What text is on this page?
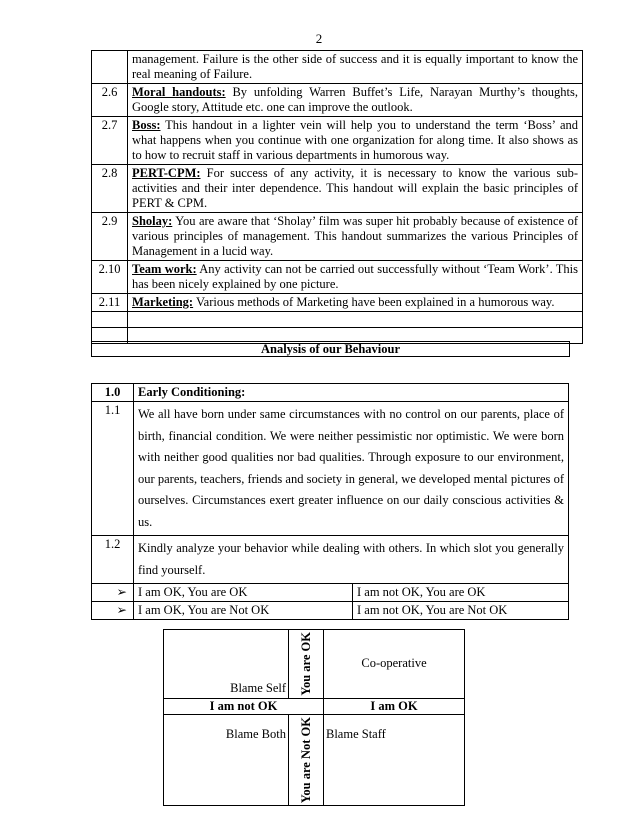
2
	management. Failure is the other side of success and it is equally important to know the real meaning of Failure.
2.6	Moral handouts: By unfolding Warren Buffet’s Life, Narayan Murthy’s thoughts, Google story, Attitude etc. one can improve the outlook.
2.7	Boss: This handout in a lighter vein will help you to understand the term ‘Boss’ and what happens when you continue with one organization for along time. It also shows as to how to recruit staff in various departments in humorous way.
2.8	PERT-CPM: For success of any activity, it is necessary to know the various sub- activities and their inter dependence. This handout will explain the basic principles of PERT & CPM.
2.9	Sholay: You are aware that ‘Sholay’ film was super hit probably because of existence of various principles of management. This handout summarizes the various Principles of Management in a lucid way.
2.10	Team work: Any activity can not be carried out successfully without ‘Team Work’. This has been nicely explained by one picture.
2.11	Marketing: Various methods of Marketing have been explained in a humorous way.

Analysis of our Behaviour
1.0	Early Conditioning:	
1.1	We all have born under same circumstances with no control on our parents, place of birth, financial condition. We were neither pessimistic nor optimistic. We were born with neither good qualities nor bad qualities. Through exposure to our environment, our parents, teachers, friends and society in general, we developed mental pictures of ourselves. Circumstances exert greater influence on our daily conscious activities & us.	
1.2	Kindly analyze your behavior while dealing with others. In which slot you generally find yourself.	
➢	I am OK, You are OK	I am not OK, You are OK
➢	I am OK, You are Not OK	I am not OK, You are Not OK
Blame Self	You are OK	Co-operative
I am not OK		I am OK
Blame Both	You are Not OK	Blame Staff
